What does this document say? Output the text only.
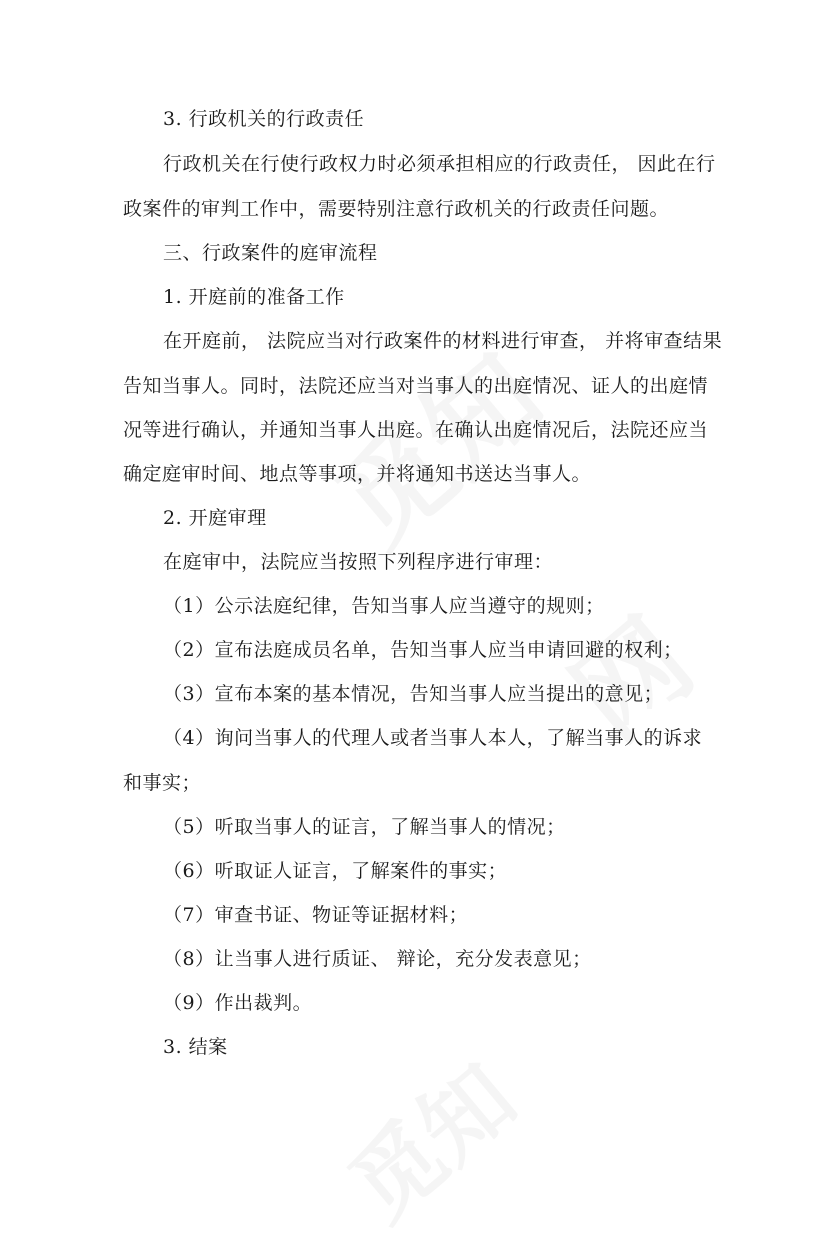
3. 行政机关的行政责任
行政机关在行使行政权力时必须承担相应的行政责任， 因此在行
政案件的审判工作中，需要特别注意行政机关的行政责任问题。
三、行政案件的庭审流程
1. 开庭前的准备工作
在开庭前， 法院应当对行政案件的材料进行审查， 并将审查结果
告知当事人。同时，法院还应当对当事人的出庭情况、证人的出庭情
况等进行确认，并通知当事人出庭。在确认出庭情况后，法院还应当
确定庭审时间、地点等事项，并将通知书送达当事人。
2. 开庭审理
在庭审中，法院应当按照下列程序进行审理：
（1）公示法庭纪律，告知当事人应当遵守的规则；
（2）宣布法庭成员名单，告知当事人应当申请回避的权利；
（3）宣布本案的基本情况，告知当事人应当提出的意见；
（4）询问当事人的代理人或者当事人本人，了解当事人的诉求
和事实；
（5）听取当事人的证言，了解当事人的情况；
（6）听取证人证言，了解案件的事实；
（7）审查书证、物证等证据材料；
（8）让当事人进行质证、 辩论，充分发表意见；
（9）作出裁判。
3. 结案
